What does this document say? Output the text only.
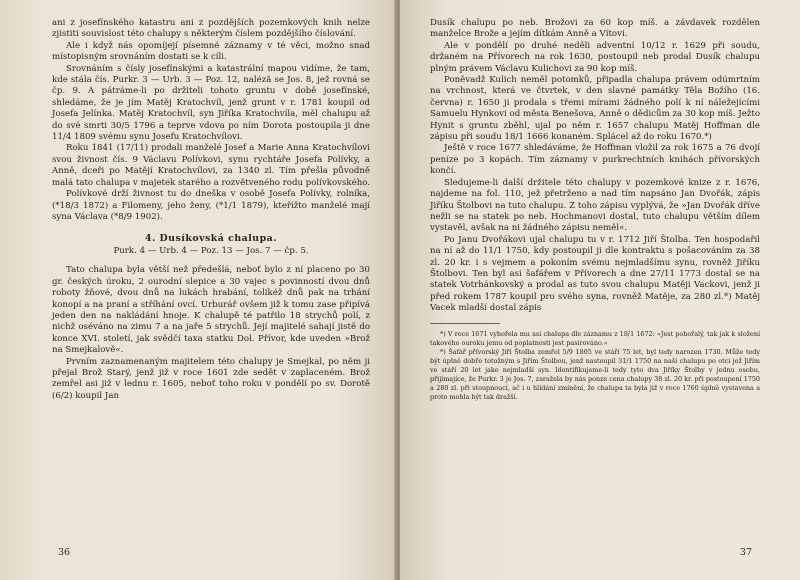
ani z josefínského katastru ani z pozdějších pozemkových knih nelze zjistiti souvislost této chalupy s některým číslem pozdějšího číslování.

Ale i když nás opomíjejí písemné záznamy v té věci, možno snad místopisným srovnáním dostati se k cíli.

Srovnáním s čísly josefínskými a katastrální mapou vidíme, že tam, kde stála čís. Purkr. 3 — Urb. 3 — Poz. 12, naléză se Jos. 8, jež rovná se čp. 9. A pátráme-li po držiteli tohoto gruntu v době josefínské, shledáme, že je jím Matěj Kratochvíl, jenž grunt v r. 1781 koupil od Josefa Jelínka. Matěj Kratochvíl, syn Jiříka Kratochvíla, měl chalupu až do své smrti 30/5 1796 a teprve vdova po ním Dorota postoupila ji dne 11/4 1809 svému synu Josefu Kratochvílovi.

Roku 1841 (17/11) prodali manželé Josef a Marie Anna Kratochvílovi svou živnost čís. 9 Václavu Polívkovi, synu rychtáře Josefa Polívky, a Anně, dceři po Matějí Kratochvílovi, za 1340 zl. Tím přešla původně malá tato chalupa v majetek starého a rozvětveného rodu polívkovského.

Polívkové drží živnost tu do dneška v osobě Josefa Polívky, rolníka, (*18/3 1872) a Filomeny, jeho ženy, (*1/1 1879), kteřížto manželé mají syna Václava (*8/9 1902).

4. Dusíkovská chalupa.
Purk. 4 — Urb. 4 — Poz. 13 — Jos. 7 — čp. 5.

Tato chalupa byla větší než předešlá, neboť bylo z ní placeno po 30 gr. českých úroku, 2 ourodní slepice a 30 vajec s povinností dvou dnů roboty žňové, dvou dnů na lukách hrabání, tolikéž dnů pak na trhání konopí a na praní a stříhání ovcí. Urburář ovšem již k tomu zase připívá jeden den na nakládání hnoje. K chalupě té patřilo 18 strychů polí, z nichž oséváno na zimu 7 a na jaře 5 strychů. Její majitelé sahají jistě do konce XVI. století, jak svědčí taxa statku Dol. Přívor, kde uveden »Brož na Smejkalově«.

Prvním zaznamenaným majitelem této chalupy je Smejkal, po něm ji přejal Brož Starý, jenž již v roce 1601 zde sedět v zaplaceném. Brož zemřel asi již v lednu r. 1605, neboť toho roku v pondělí po sv. Dorotě (6/2) koupil Jan

36

Dusík chalupu po neb. Brožovi za 60 kop míš. a závdavek rozdělen manželce Brože a jejím dítkám Anně a Vítovi.

Ale v pondělí po druhé neděli adventní 10/12 r. 1629 při soudu, držaném na Přívorech na rok 1630, postoupil neb prodal Dusík chalupu plným právem Václavu Kulichovi za 90 kop míš.

Poněvadž Kulich neměl potomků, připadla chalupa právem odúmrtním na vrchnost, která ve čtvrtek, v den slavné památky Těla Božího (16. června) r. 1650 ji prodala s třemi mírami žádného polí k ní náležejícími Samuelu Hynkovi od města Benešova, Anně o dědicům za 30 kop míš. Ježto Hynit s gruntu zběhl, ujal po něm r. 1657 chalupu Matěj Hoffman dle zápisu při soudu 18/1 1666 konaném. Splácel až do roku 1670.*)

Ještě v roce 1677 shledáváme, že Hoffman vložil za rok 1675 a 76 dvojí peníze po 3 kopách. Tím záznamy v purkrechtních knihách přívorských končí.

Sledujeme-li další držitele této chalupy v pozemkové knize z r. 1676, najdeme na fol. 110, jež přetrženo a nad tím napsáno Jan Dvořák, zápis Jiříku Štolbovi na tuto chalupu. Z toho zápisu vyplývá, že »Jan Dvořák dříve nežli se na statek po neb. Hochmanovi dostal, tuto chalupu větším dílem vystavěl, avšak na ni žádného zápisu neměl«.

Po Janu Dvořákovi ujal chalupu tu v r. 1712 Jiří Štolba. Ten hospodařil na ní až do 11/1 1750, kdy postoupil ji dle kontraktu s pošacováním za 38 zl. 20 kr. i s vejmem a pokoním svému nejmladšímu synu, rovněž Jiříku Štolbovi. Ten byl asi šafářem v Přívorech a dne 27/11 1773 dostal se na statek Votrhánkovský a prodal as tuto svou chalupu Matěji Vackovi, jenž ji před rokem 1787 koupil pro svého syna, rovněž Matěje, za 280 zl.*) Matěj Vacek mladší dostal zápis

*) V roce 1671 vyhořela mu asi chalupa dle záznamu z 18/1 1672: »Jest pohořalý, tak jak k složení takového ouroku jemu od poplatnosti jest pasirováno.«

*) Šafář přívorský Jiří Štolba zemřel 5/9 1805 ve stáří 75 let, byl tedy narozen 1730. Může tedy být úplně dobře totožným s Jiřím Štolbou, jenž nastoupil 31/1 1750 na naší chalupu po otci jež Jiřím ve stáří 20 let jako nejmladší syn. Identifikujeme-li tedy tyto dva Jiříky Štolby v jednu osobu, přijímajíce, že Purkr. 3 je Jos. 7, zaražela by nás ponze cena chalupy 38 zl. 20 kr. při postoupení 1750 a 280 zl. při stoupnoucí, ač i u hlídání zmínění, že chalupa ta byla již v roce 1760 úplně vystavena a proto mohla být tak dražší.

37
